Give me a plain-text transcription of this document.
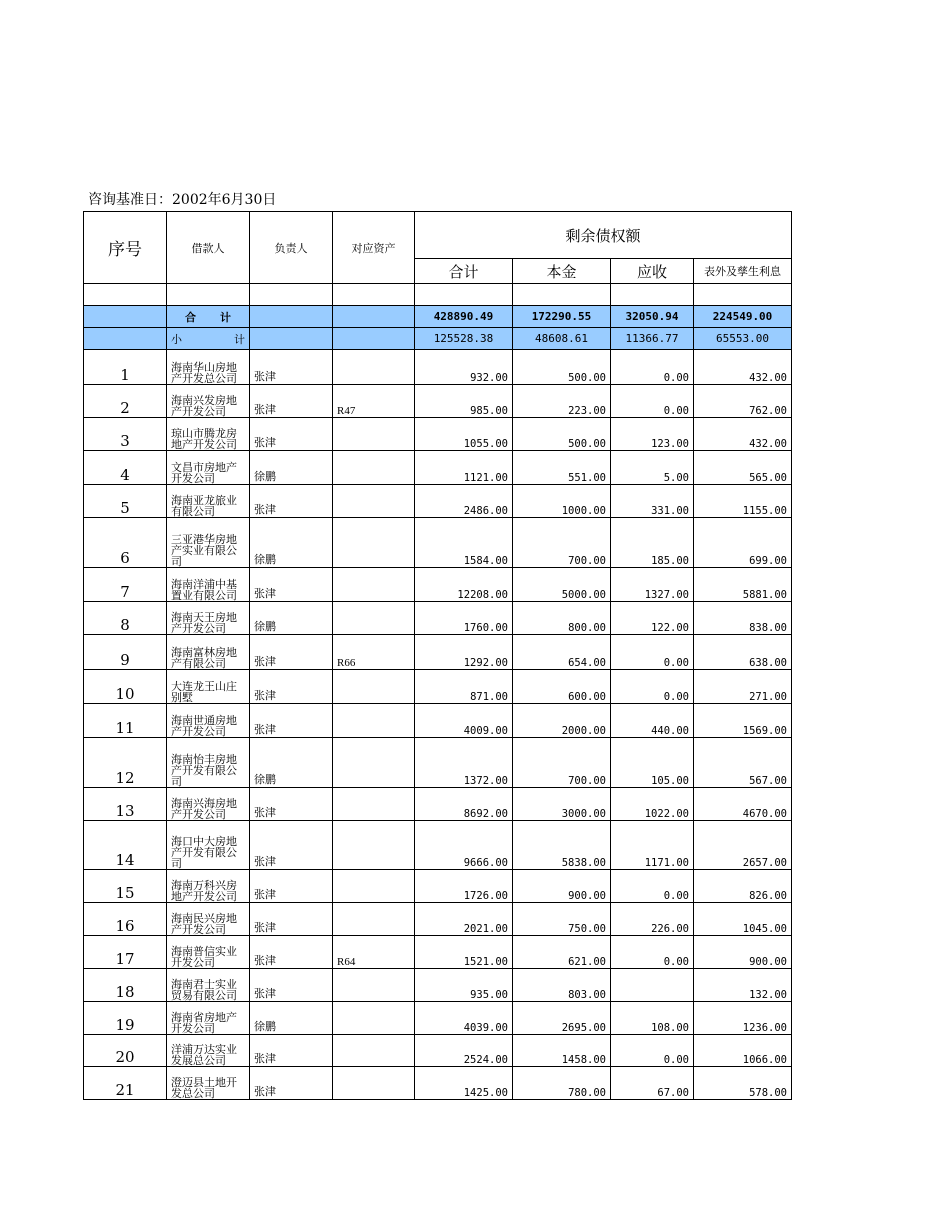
咨询基准日：2002年6月30日
序号	借款人	负责人	对应资产	剩余债权额			
				合计	本金	应收	表外及孳生利息

	合 计			428890.49	172290.55	32050.94	224549.00

	小 计			125528.38	48608.61	11366.77	65553.00
1	海南华山房地产开发总公司	张津		932.00	500.00	0.00	432.00
2	海南兴发房地产开发公司	张津	R47	985.00	223.00	0.00	762.00
3	琼山市腾龙房地产开发公司	张津		1055.00	500.00	123.00	432.00
4	文昌市房地产开发公司	徐鹏		1121.00	551.00	5.00	565.00
5	海南亚龙旅业有限公司	张津		2486.00	1000.00	331.00	1155.00
6	三亚港华房地产实业有限公司	徐鹏		1584.00	700.00	185.00	699.00
7	海南洋浦中基置业有限公司	张津		12208.00	5000.00	1327.00	5881.00
8	海南天王房地产开发公司	徐鹏		1760.00	800.00	122.00	838.00
9	海南富林房地产有限公司	张津	R66	1292.00	654.00	0.00	638.00
10	大连龙王山庄别墅	张津		871.00	600.00	0.00	271.00
11	海南世通房地产开发公司	张津		4009.00	2000.00	440.00	1569.00
12	海南怡丰房地产开发有限公司	徐鹏		1372.00	700.00	105.00	567.00
13	海南兴海房地产开发公司	张津		8692.00	3000.00	1022.00	4670.00
14	海口中大房地产开发有限公司	张津		9666.00	5838.00	1171.00	2657.00
15	海南万科兴房地产开发公司	张津		1726.00	900.00	0.00	826.00
16	海南民兴房地产开发公司	张津		2021.00	750.00	226.00	1045.00
17	海南普信实业开发公司	张津	R64	1521.00	621.00	0.00	900.00
18	海南君士实业贸易有限公司	张津		935.00	803.00		132.00
19	海南省房地产开发公司	徐鹏		4039.00	2695.00	108.00	1236.00
20	洋浦万达实业发展总公司	张津		2524.00	1458.00	0.00	1066.00
21	澄迈县土地开发总公司	张津		1425.00	780.00	67.00	578.00
